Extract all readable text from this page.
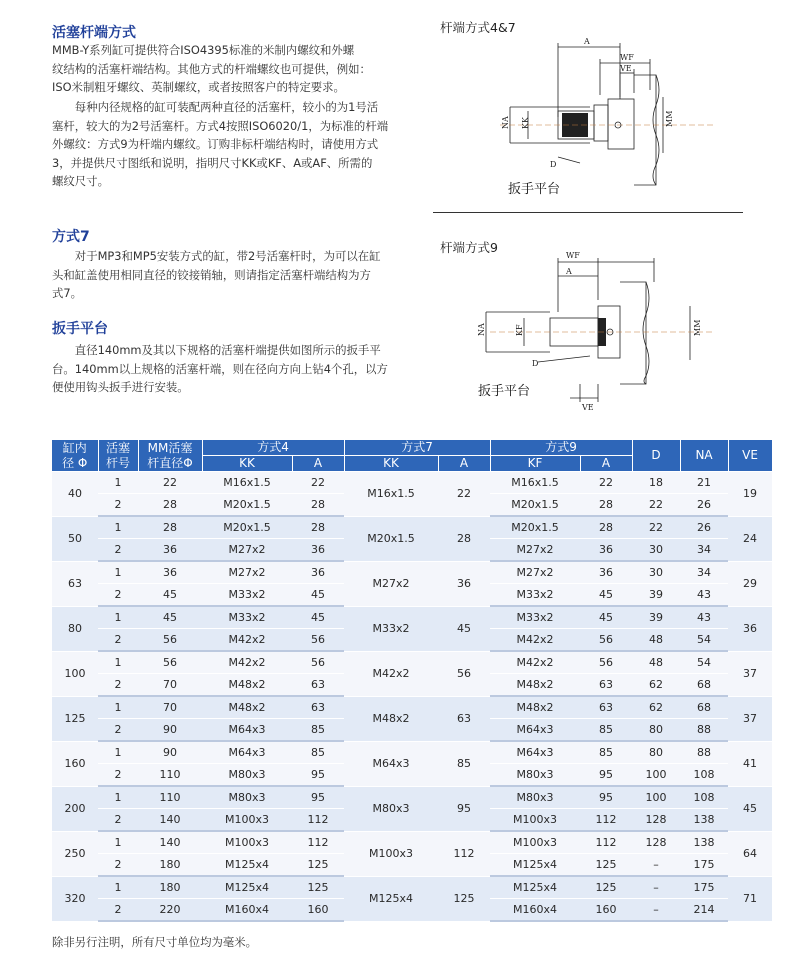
活塞杆端方式
MMB-Y系列缸可提供符合ISO4395标准的米制内螺纹和外螺
纹结构的活塞杆端结构。其他方式的杆端螺纹也可提供，例如：
ISO米制粗牙螺纹、英制螺纹，或者按照客户的特定要求。
每种内径规格的缸可装配两种直径的活塞杆，较小的为1号活
塞杆，较大的为2号活塞杆。方式4按照ISO6020/1，为标准的杆端
外螺纹：方式9为杆端内螺纹。订购非标杆端结构时，请使用方式
3，并提供尺寸图纸和说明，指明尺寸KK或KF、A或AF、所需的
螺纹尺寸。
方式7
对于MP3和MP5安装方式的缸，带2号活塞杆时，为可以在缸
头和缸盖使用相同直径的铰接销轴，则请指定活塞杆端结构为方
式7。
扳手平台
直径140mm及其以下规格的活塞杆端提供如图所示的扳手平
台。140mm以上规格的活塞杆端，则在径向方向上钻4个孔，以方
便使用钩头扳手进行安装。
杆端方式4&7
A
WF
VE
NA KK	MM
D
扳手平台
杆端方式9
WF
A
NA	KF	MM
D
VE
扳手平台
缸内
径 Φ	活塞
杆号	MM活塞
杆直径Φ	方式4		方式7		方式9		D	NA	VE
			KK	A	KK	A	KF	A			
40	1	22	M16x1.5	22	M16x1.5	22	M16x1.5	22	18	21	19
	2	28	M20x1.5	28			M20x1.5	28	22	26	
50	1	28	M20x1.5	28	M20x1.5	28	M20x1.5	28	22	26	24
	2	36	M27x2	36			M27x2	36	30	34	
63	1	36	M27x2	36	M27x2	36	M27x2	36	30	34	29
	2	45	M33x2	45			M33x2	45	39	43	
80	1	45	M33x2	45	M33x2	45	M33x2	45	39	43	36
	2	56	M42x2	56			M42x2	56	48	54	
100	1	56	M42x2	56	M42x2	56	M42x2	56	48	54	37
	2	70	M48x2	63			M48x2	63	62	68	
125	1	70	M48x2	63	M48x2	63	M48x2	63	62	68	37
	2	90	M64x3	85			M64x3	85	80	88	
160	1	90	M64x3	85	M64x3	85	M64x3	85	80	88	41
	2	110	M80x3	95			M80x3	95	100	108	
200	1	110	M80x3	95	M80x3	95	M80x3	95	100	108	45
	2	140	M100x3	112			M100x3	112	128	138	
250	1	140	M100x3	112	M100x3	112	M100x3	112	128	138	64
	2	180	M125x4	125			M125x4	125	–	175	
320	1	180	M125x4	125	M125x4	125	M125x4	125	–	175	71
	2	220	M160x4	160			M160x4	160	–	214	
除非另行注明，所有尺寸单位均为毫米。
